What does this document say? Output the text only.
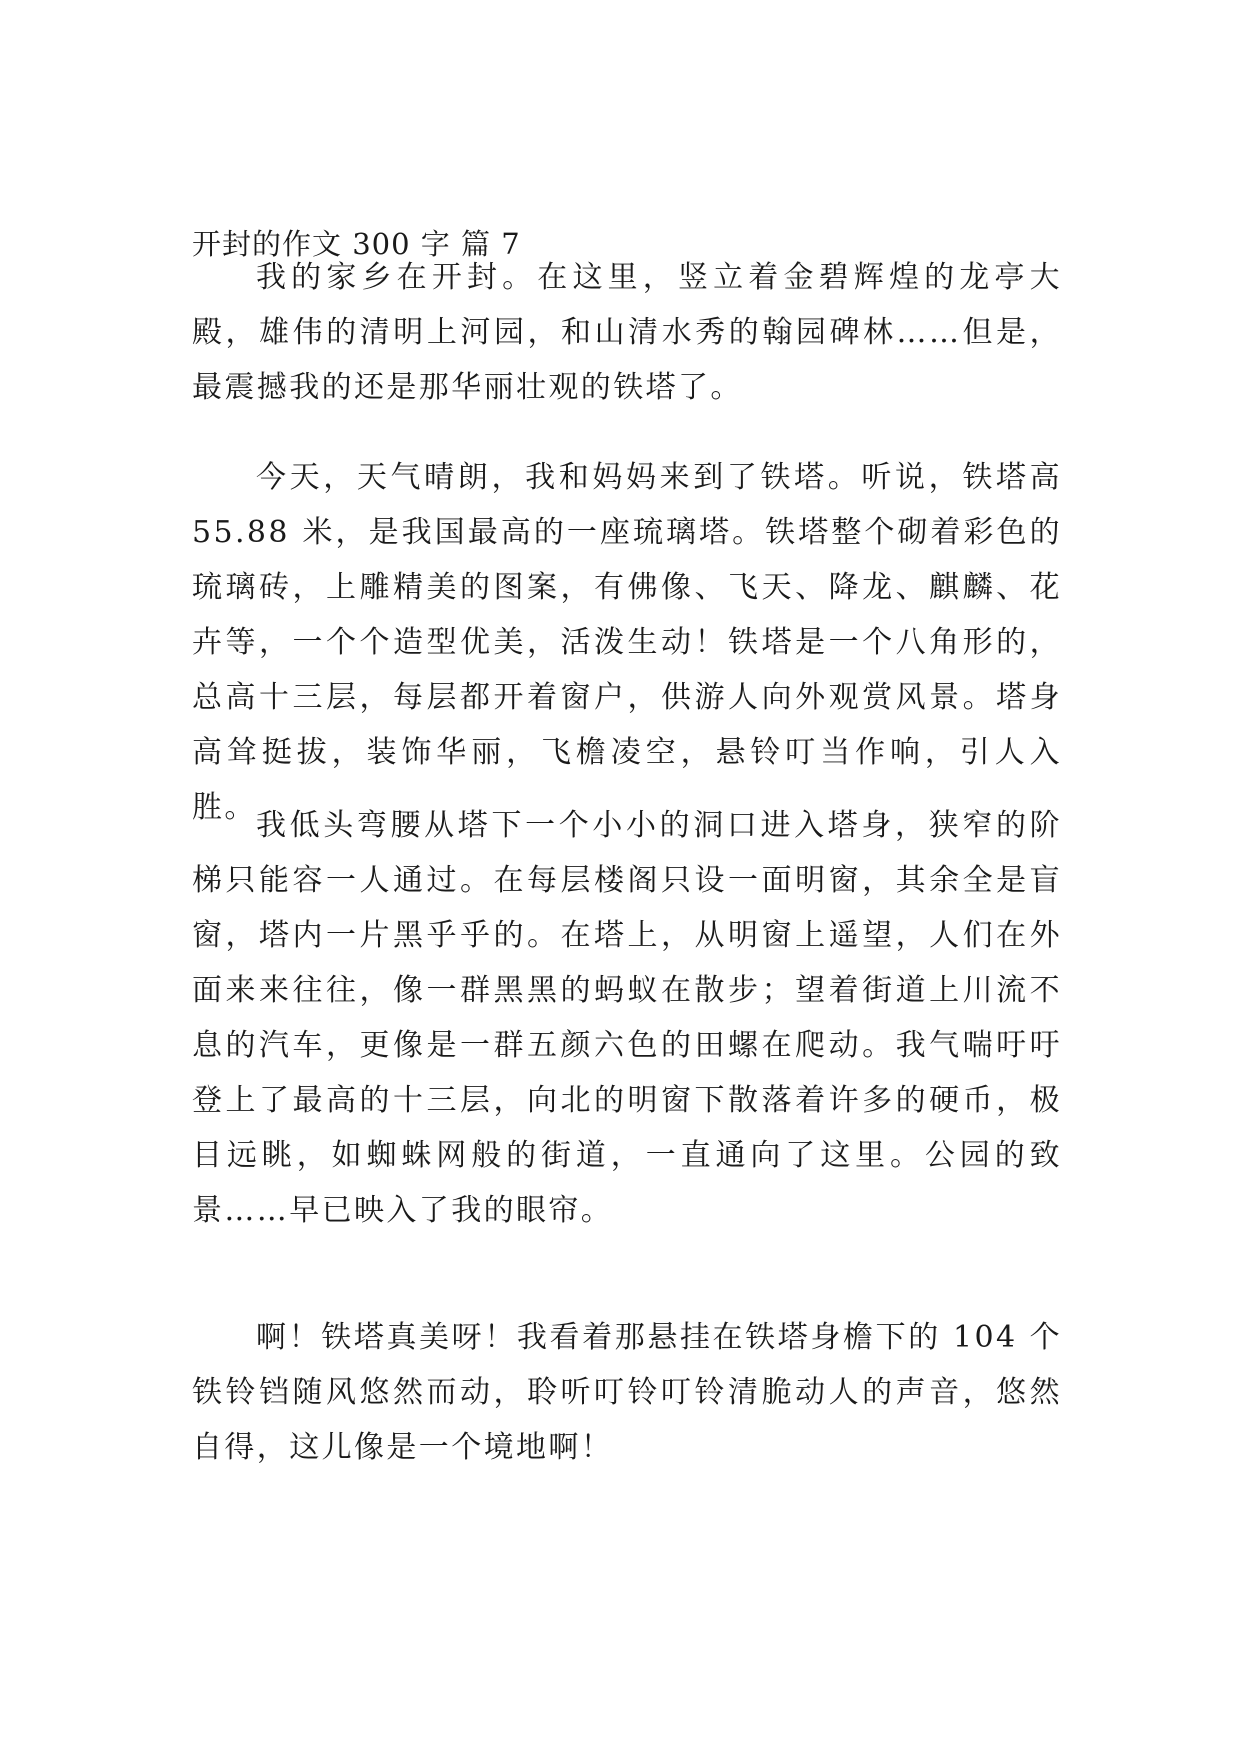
开封的作文 300 字 篇 7

我的家乡在开封。在这里，竖立着金碧辉煌的龙亭大殿，雄伟的清明上河园，和山清水秀的翰园碑林……但是，最震撼我的还是那华丽壮观的铁塔了。

今天，天气晴朗，我和妈妈来到了铁塔。听说，铁塔高 55.88 米，是我国最高的一座琉璃塔。铁塔整个砌着彩色的琉璃砖，上雕精美的图案，有佛像、飞天、降龙、麒麟、花卉等，一个个造型优美，活泼生动！铁塔是一个八角形的，总高十三层，每层都开着窗户，供游人向外观赏风景。塔身高耸挺拔，装饰华丽，飞檐凌空，悬铃叮当作响，引人入胜。

我低头弯腰从塔下一个小小的洞口进入塔身，狭窄的阶梯只能容一人通过。在每层楼阁只设一面明窗，其余全是盲窗，塔内一片黑乎乎的。在塔上，从明窗上遥望，人们在外面来来往往，像一群黑黑的蚂蚁在散步；望着街道上川流不息的汽车，更像是一群五颜六色的田螺在爬动。我气喘吁吁登上了最高的十三层，向北的明窗下散落着许多的硬币，极目远眺，如蜘蛛网般的街道，一直通向了这里。公园的致景……早已映入了我的眼帘。

啊！铁塔真美呀！我看着那悬挂在铁塔身檐下的 104 个铁铃铛随风悠然而动，聆听叮铃叮铃清脆动人的声音，悠然自得，这儿像是一个境地啊！
